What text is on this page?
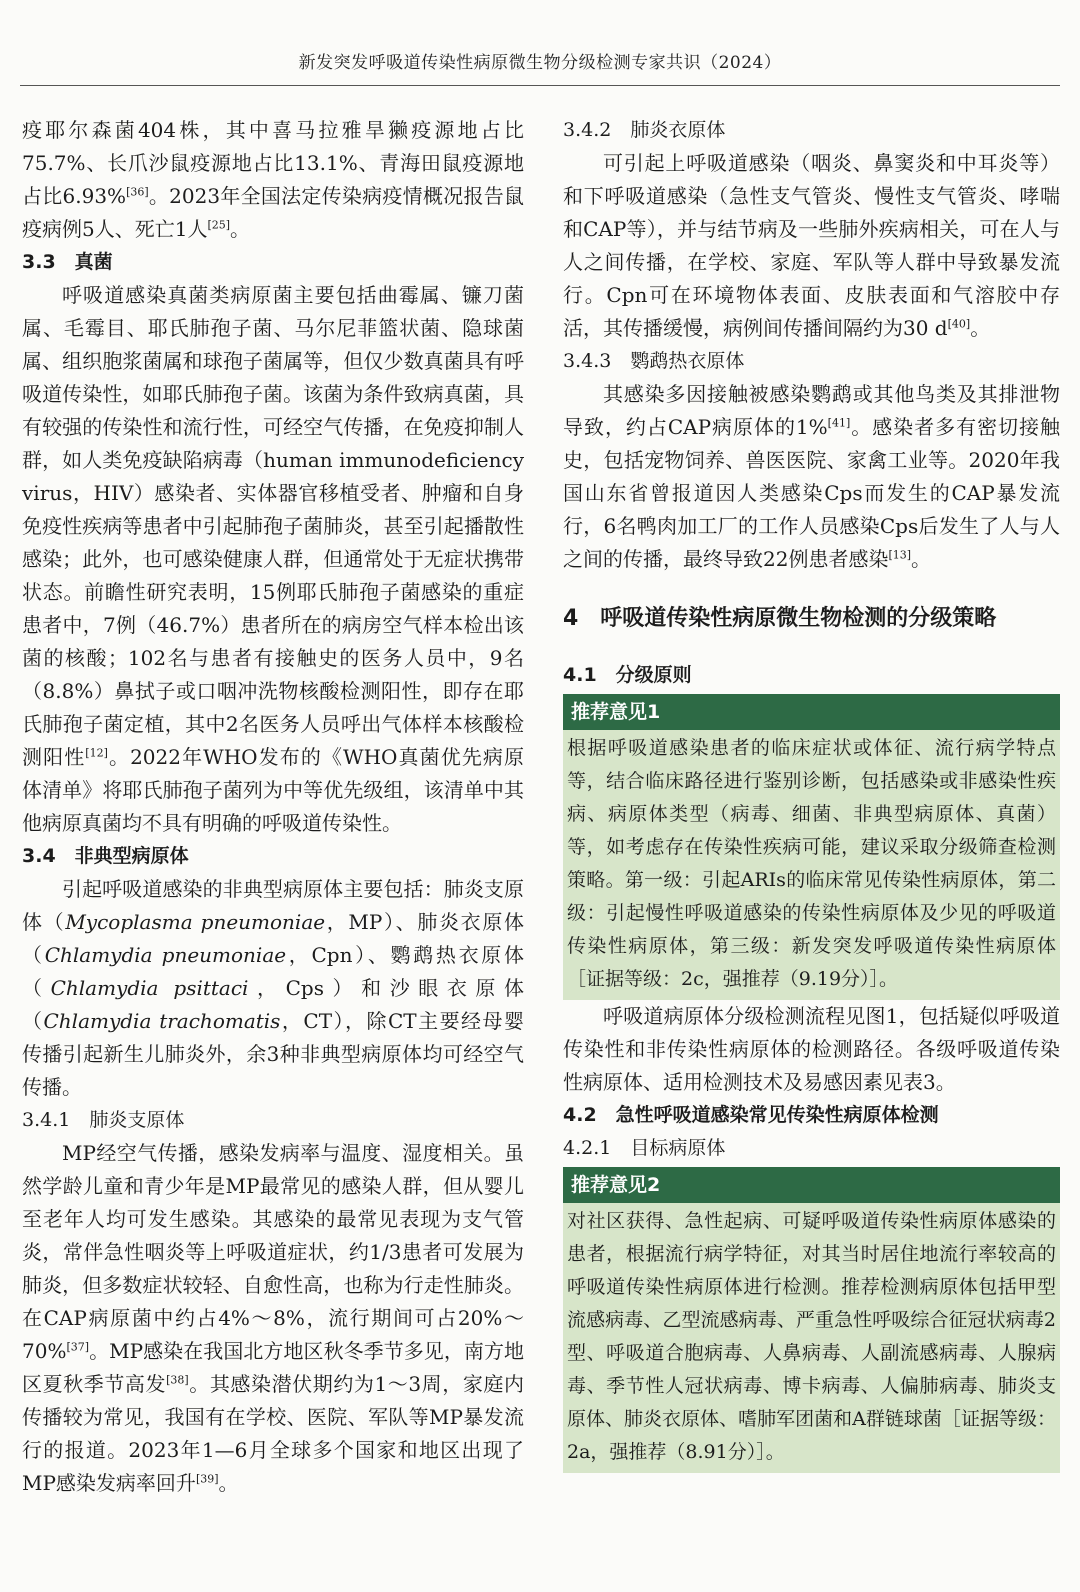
新发突发呼吸道传染性病原微生物分级检测专家共识（2024）

疫耶尔森菌404株，其中喜马拉雅旱獭疫源地占比75.7%、长爪沙鼠疫源地占比13.1%、青海田鼠疫源地占比6.93%[36]。2023年全国法定传染病疫情概况报告鼠疫病例5人、死亡1人[25]。

3.3　真菌

呼吸道感染真菌类病原菌主要包括曲霉属、镰刀菌属、毛霉目、耶氏肺孢子菌、马尔尼菲篮状菌、隐球菌属、组织胞浆菌属和球孢子菌属等，但仅少数真菌具有呼吸道传染性，如耶氏肺孢子菌。该菌为条件致病真菌，具有较强的传染性和流行性，可经空气传播，在免疫抑制人群，如人类免疫缺陷病毒（human immunodeficiency virus，HIV）感染者、实体器官移植受者、肿瘤和自身免疫性疾病等患者中引起肺孢子菌肺炎，甚至引起播散性感染；此外，也可感染健康人群，但通常处于无症状携带状态。前瞻性研究表明，15例耶氏肺孢子菌感染的重症患者中，7例（46.7%）患者所在的病房空气样本检出该菌的核酸；102名与患者有接触史的医务人员中，9名（8.8%）鼻拭子或口咽冲洗物核酸检测阳性，即存在耶氏肺孢子菌定植，其中2名医务人员呼出气体样本核酸检测阳性[12]。2022年WHO发布的《WHO真菌优先病原体清单》将耶氏肺孢子菌列为中等优先级组，该清单中其他病原真菌均不具有明确的呼吸道传染性。

3.4　非典型病原体

引起呼吸道感染的非典型病原体主要包括：肺炎支原体（Mycoplasma pneumoniae，MP）、肺炎衣原体（Chlamydia pneumoniae，Cpn）、鹦鹉热衣原体（Chlamydia psittaci，Cps）和沙眼衣原体（Chlamydia trachomatis，CT），除CT主要经母婴传播引起新生儿肺炎外，余3种非典型病原体均可经空气传播。

3.4.1　肺炎支原体

MP经空气传播，感染发病率与温度、湿度相关。虽然学龄儿童和青少年是MP最常见的感染人群，但从婴儿至老年人均可发生感染。其感染的最常见表现为支气管炎，常伴急性咽炎等上呼吸道症状，约1/3患者可发展为肺炎，但多数症状较轻、自愈性高，也称为行走性肺炎。在CAP病原菌中约占4%～8%，流行期间可占20%～70%[37]。MP感染在我国北方地区秋冬季节多见，南方地区夏秋季节高发[38]。其感染潜伏期约为1～3周，家庭内传播较为常见，我国有在学校、医院、军队等MP暴发流行的报道。2023年1—6月全球多个国家和地区出现了MP感染发病率回升[39]。

3.4.2　肺炎衣原体

可引起上呼吸道感染（咽炎、鼻窦炎和中耳炎等）和下呼吸道感染（急性支气管炎、慢性支气管炎、哮喘和CAP等），并与结节病及一些肺外疾病相关，可在人与人之间传播，在学校、家庭、军队等人群中导致暴发流行。Cpn可在环境物体表面、皮肤表面和气溶胶中存活，其传播缓慢，病例间传播间隔约为30 d[40]。

3.4.3　鹦鹉热衣原体

其感染多因接触被感染鹦鹉或其他鸟类及其排泄物导致，约占CAP病原体的1%[41]。感染者多有密切接触史，包括宠物饲养、兽医医院、家禽工业等。2020年我国山东省曾报道因人类感染Cps而发生的CAP暴发流行，6名鸭肉加工厂的工作人员感染Cps后发生了人与人之间的传播，最终导致22例患者感染[13]。

4　呼吸道传染性病原微生物检测的分级策略

4.1　分级原则

推荐意见1
根据呼吸道感染患者的临床症状或体征、流行病学特点等，结合临床路径进行鉴别诊断，包括感染或非感染性疾病、病原体类型（病毒、细菌、非典型病原体、真菌）等，如考虑存在传染性疾病可能，建议采取分级筛查检测策略。第一级：引起ARIs的临床常见传染性病原体，第二级：引起慢性呼吸道感染的传染性病原体及少见的呼吸道传染性病原体，第三级：新发突发呼吸道传染性病原体［证据等级：2c，强推荐（9.19分）］。

呼吸道病原体分级检测流程见图1，包括疑似呼吸道传染性和非传染性病原体的检测路径。各级呼吸道传染性病原体、适用检测技术及易感因素见表3。

4.2　急性呼吸道感染常见传染性病原体检测

4.2.1　目标病原体

推荐意见2
对社区获得、急性起病、可疑呼吸道传染性病原体感染的患者，根据流行病学特征，对其当时居住地流行率较高的呼吸道传染性病原体进行检测。推荐检测病原体包括甲型流感病毒、乙型流感病毒、严重急性呼吸综合征冠状病毒2型、呼吸道合胞病毒、人鼻病毒、人副流感病毒、人腺病毒、季节性人冠状病毒、博卡病毒、人偏肺病毒、肺炎支原体、肺炎衣原体、嗜肺军团菌和A群链球菌［证据等级：2a，强推荐（8.91分）］。
